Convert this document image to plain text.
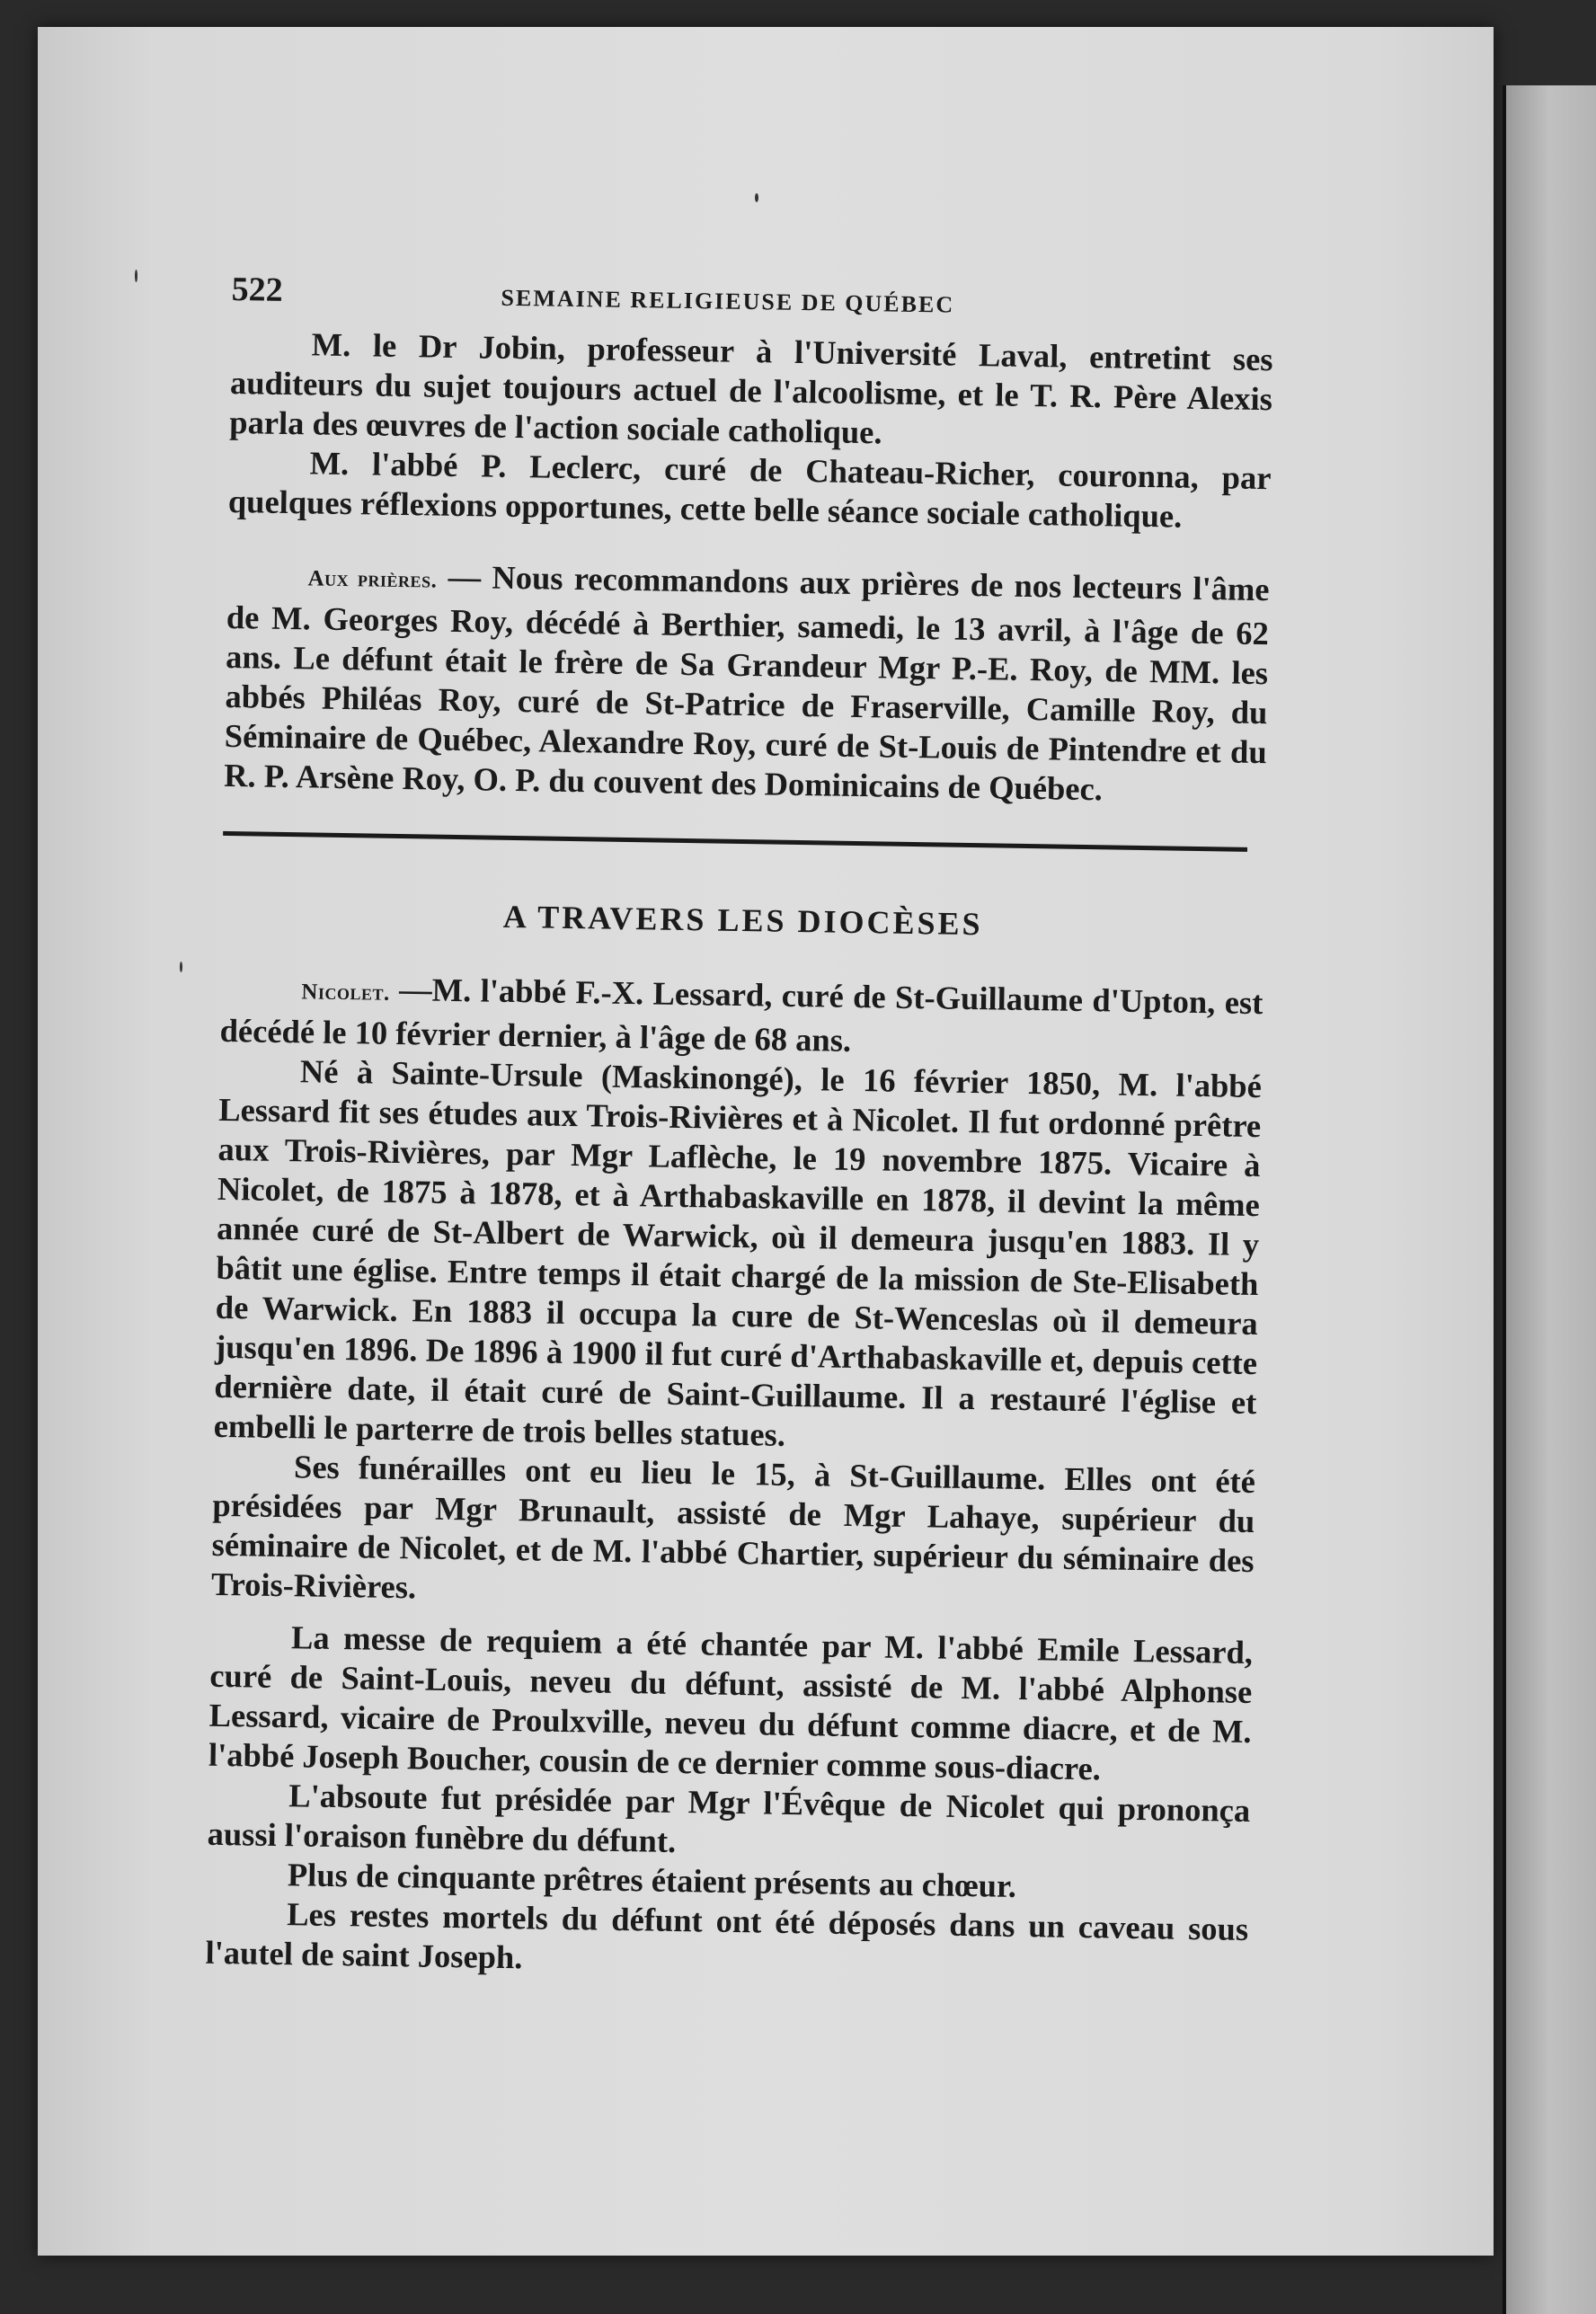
522	SEMAINE RELIGIEUSE DE QUÉBEC

M. le Dr Jobin, professeur à l'Université Laval, entretint ses auditeurs du sujet toujours actuel de l'alcoolisme, et le T. R. Père Alexis parla des œuvres de l'action sociale catholique.

M. l'abbé P. Leclerc, curé de Chateau-Richer, couronna, par quelques réflexions opportunes, cette belle séance sociale catholique.

Aux prières. — Nous recommandons aux prières de nos lecteurs l'âme de M. Georges Roy, décédé à Berthier, samedi, le 13 avril, à l'âge de 62 ans. Le défunt était le frère de Sa Grandeur Mgr P.-E. Roy, de MM. les abbés Philéas Roy, curé de St-Patrice de Fraserville, Camille Roy, du Séminaire de Québec, Alexandre Roy, curé de St-Louis de Pintendre et du R. P. Arsène Roy, O. P. du couvent des Dominicains de Québec.

A TRAVERS LES DIOCÈSES

Nicolet. —M. l'abbé F.-X. Lessard, curé de St-Guillaume d'Upton, est décédé le 10 février dernier, à l'âge de 68 ans.

Né à Sainte-Ursule (Maskinongé), le 16 février 1850, M. l'abbé Lessard fit ses études aux Trois-Rivières et à Nicolet. Il fut ordonné prêtre aux Trois-Rivières, par Mgr Laflèche, le 19 novembre 1875. Vicaire à Nicolet, de 1875 à 1878, et à Arthabaskaville en 1878, il devint la même année curé de St-Albert de Warwick, où il demeura jusqu'en 1883. Il y bâtit une église. Entre temps il était chargé de la mission de Ste-Elisabeth de Warwick. En 1883 il occupa la cure de St-Wenceslas où il demeura jusqu'en 1896. De 1896 à 1900 il fut curé d'Arthabaskaville et, depuis cette dernière date, il était curé de Saint-Guillaume. Il a restauré l'église et embelli le parterre de trois belles statues.

Ses funérailles ont eu lieu le 15, à St-Guillaume. Elles ont été présidées par Mgr Brunault, assisté de Mgr Lahaye, supérieur du séminaire de Nicolet, et de M. l'abbé Chartier, supérieur du séminaire des Trois-Rivières.

La messe de requiem a été chantée par M. l'abbé Emile Lessard, curé de Saint-Louis, neveu du défunt, assisté de M. l'abbé Alphonse Lessard, vicaire de Proulxville, neveu du défunt comme diacre, et de M. l'abbé Joseph Boucher, cousin de ce dernier comme sous-diacre.

L'absoute fut présidée par Mgr l'Évêque de Nicolet qui prononça aussi l'oraison funèbre du défunt.

Plus de cinquante prêtres étaient présents au chœur.

Les restes mortels du défunt ont été déposés dans un caveau sous l'autel de saint Joseph.
